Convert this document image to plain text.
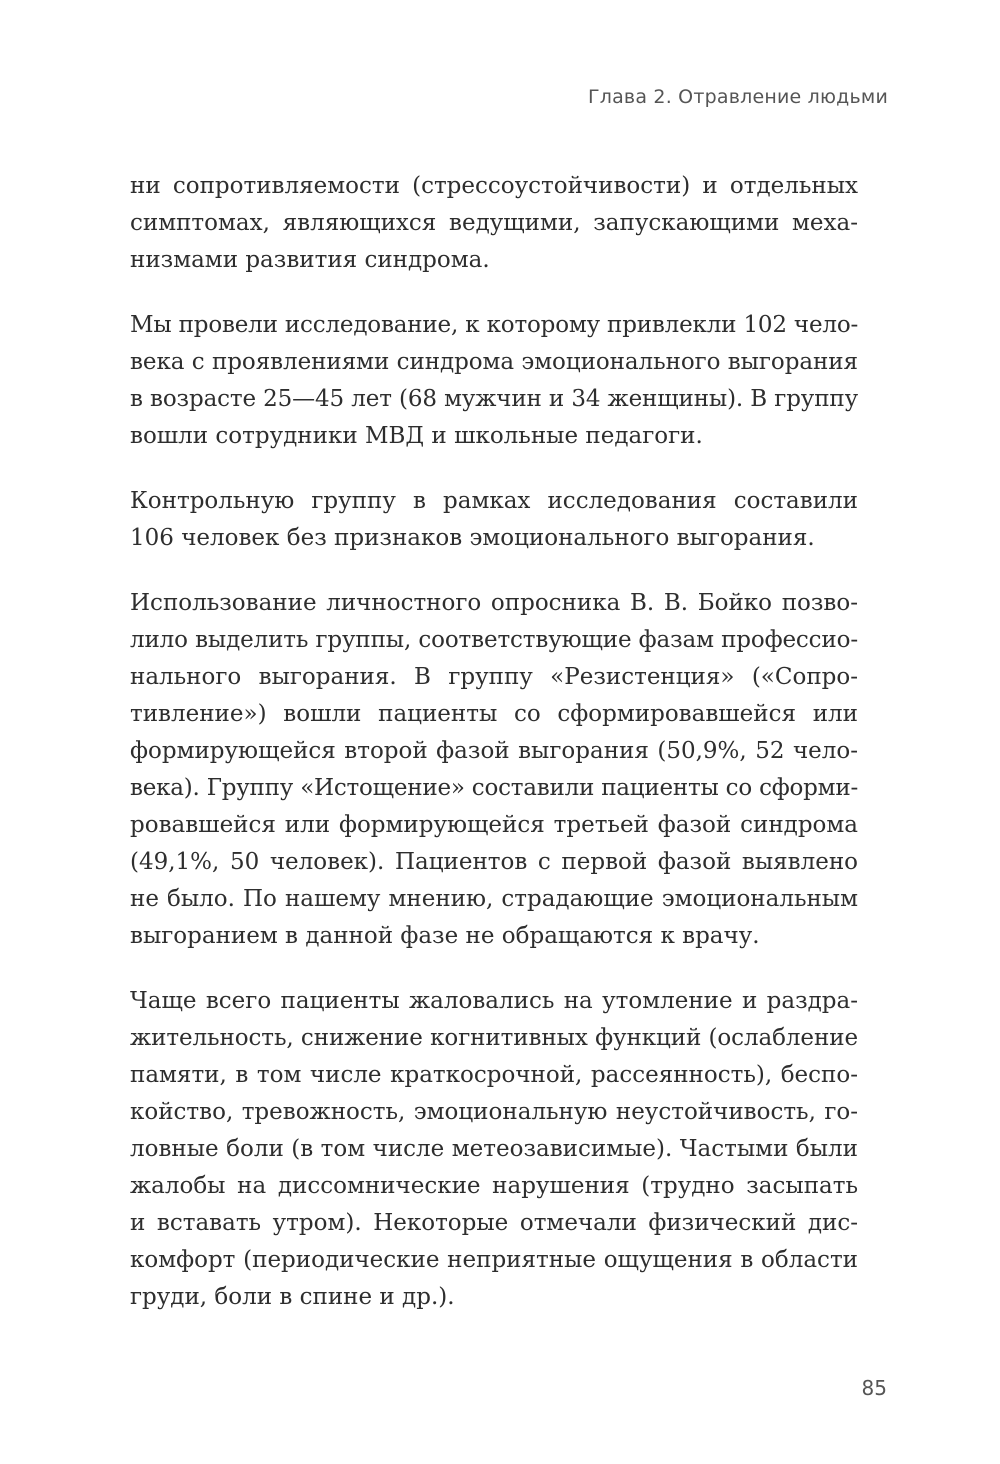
Глава 2. Отравление людьми

ни сопротивляемости (стрессоустойчивости) и отдельных
симптомах, являющихся ведущими, запускающими меха-
низмами развития синдрома.

Мы провели исследование, к которому привлекли 102 чело-
века с проявлениями синдрома эмоционального выгорания
в возрасте 25—45 лет (68 мужчин и 34 женщины). В группу
вошли сотрудники МВД и школьные педагоги.

Контрольную группу в рамках исследования составили
106 человек без признаков эмоционального выгорания.

Использование личностного опросника В. В. Бойко позво-
лило выделить группы, соответствующие фазам профессио-
нального выгорания. В группу «Резистенция» («Сопро-
тивление») вошли пациенты со сформировавшейся или
формирующейся второй фазой выгорания (50,9%, 52 чело-
века). Группу «Истощение» составили пациенты со сформи-
ровавшейся или формирующейся третьей фазой синдрома
(49,1%, 50 человек). Пациентов с первой фазой выявлено
не было. По нашему мнению, страдающие эмоциональным
выгоранием в данной фазе не обращаются к врачу.

Чаще всего пациенты жаловались на утомление и раздра-
жительность, снижение когнитивных функций (ослабление
памяти, в том числе краткосрочной, рассеянность), беспо-
койство, тревожность, эмоциональную неустойчивость, го-
ловные боли (в том числе метеозависимые). Частыми были
жалобы на диссомнические нарушения (трудно засыпать
и вставать утром). Некоторые отмечали физический дис-
комфорт (периодические неприятные ощущения в области
груди, боли в спине и др.).

85
